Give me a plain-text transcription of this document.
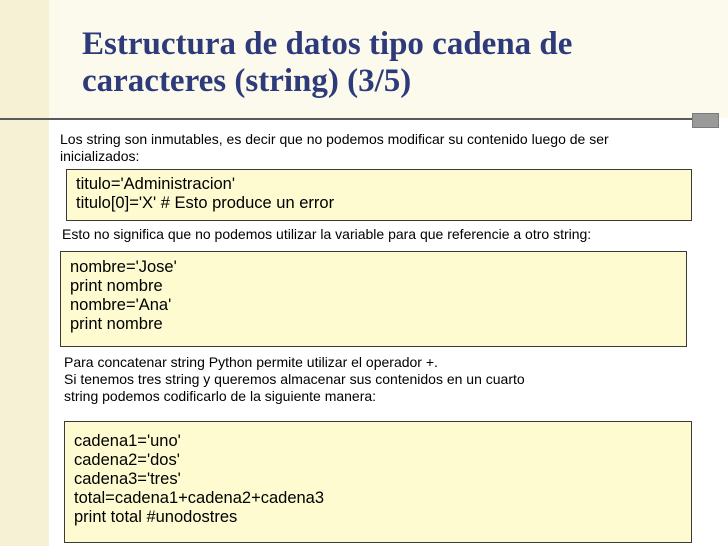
Estructura de datos tipo cadena de caracteres (string) (3/5)
Los string son inmutables, es decir que no podemos modificar su contenido luego de ser inicializados:
titulo='Administracion'
titulo[0]='X' # Esto produce un error
Esto no significa que no podemos utilizar la variable para que referencie a otro string:
nombre='Jose'
print nombre
nombre='Ana'
print nombre
Para concatenar string Python permite utilizar el operador +.
Si tenemos tres string y queremos almacenar sus contenidos en un cuarto
string podemos codificarlo de la siguiente manera:
cadena1='uno'
cadena2='dos'
cadena3='tres'
total=cadena1+cadena2+cadena3
print total #unodostres
